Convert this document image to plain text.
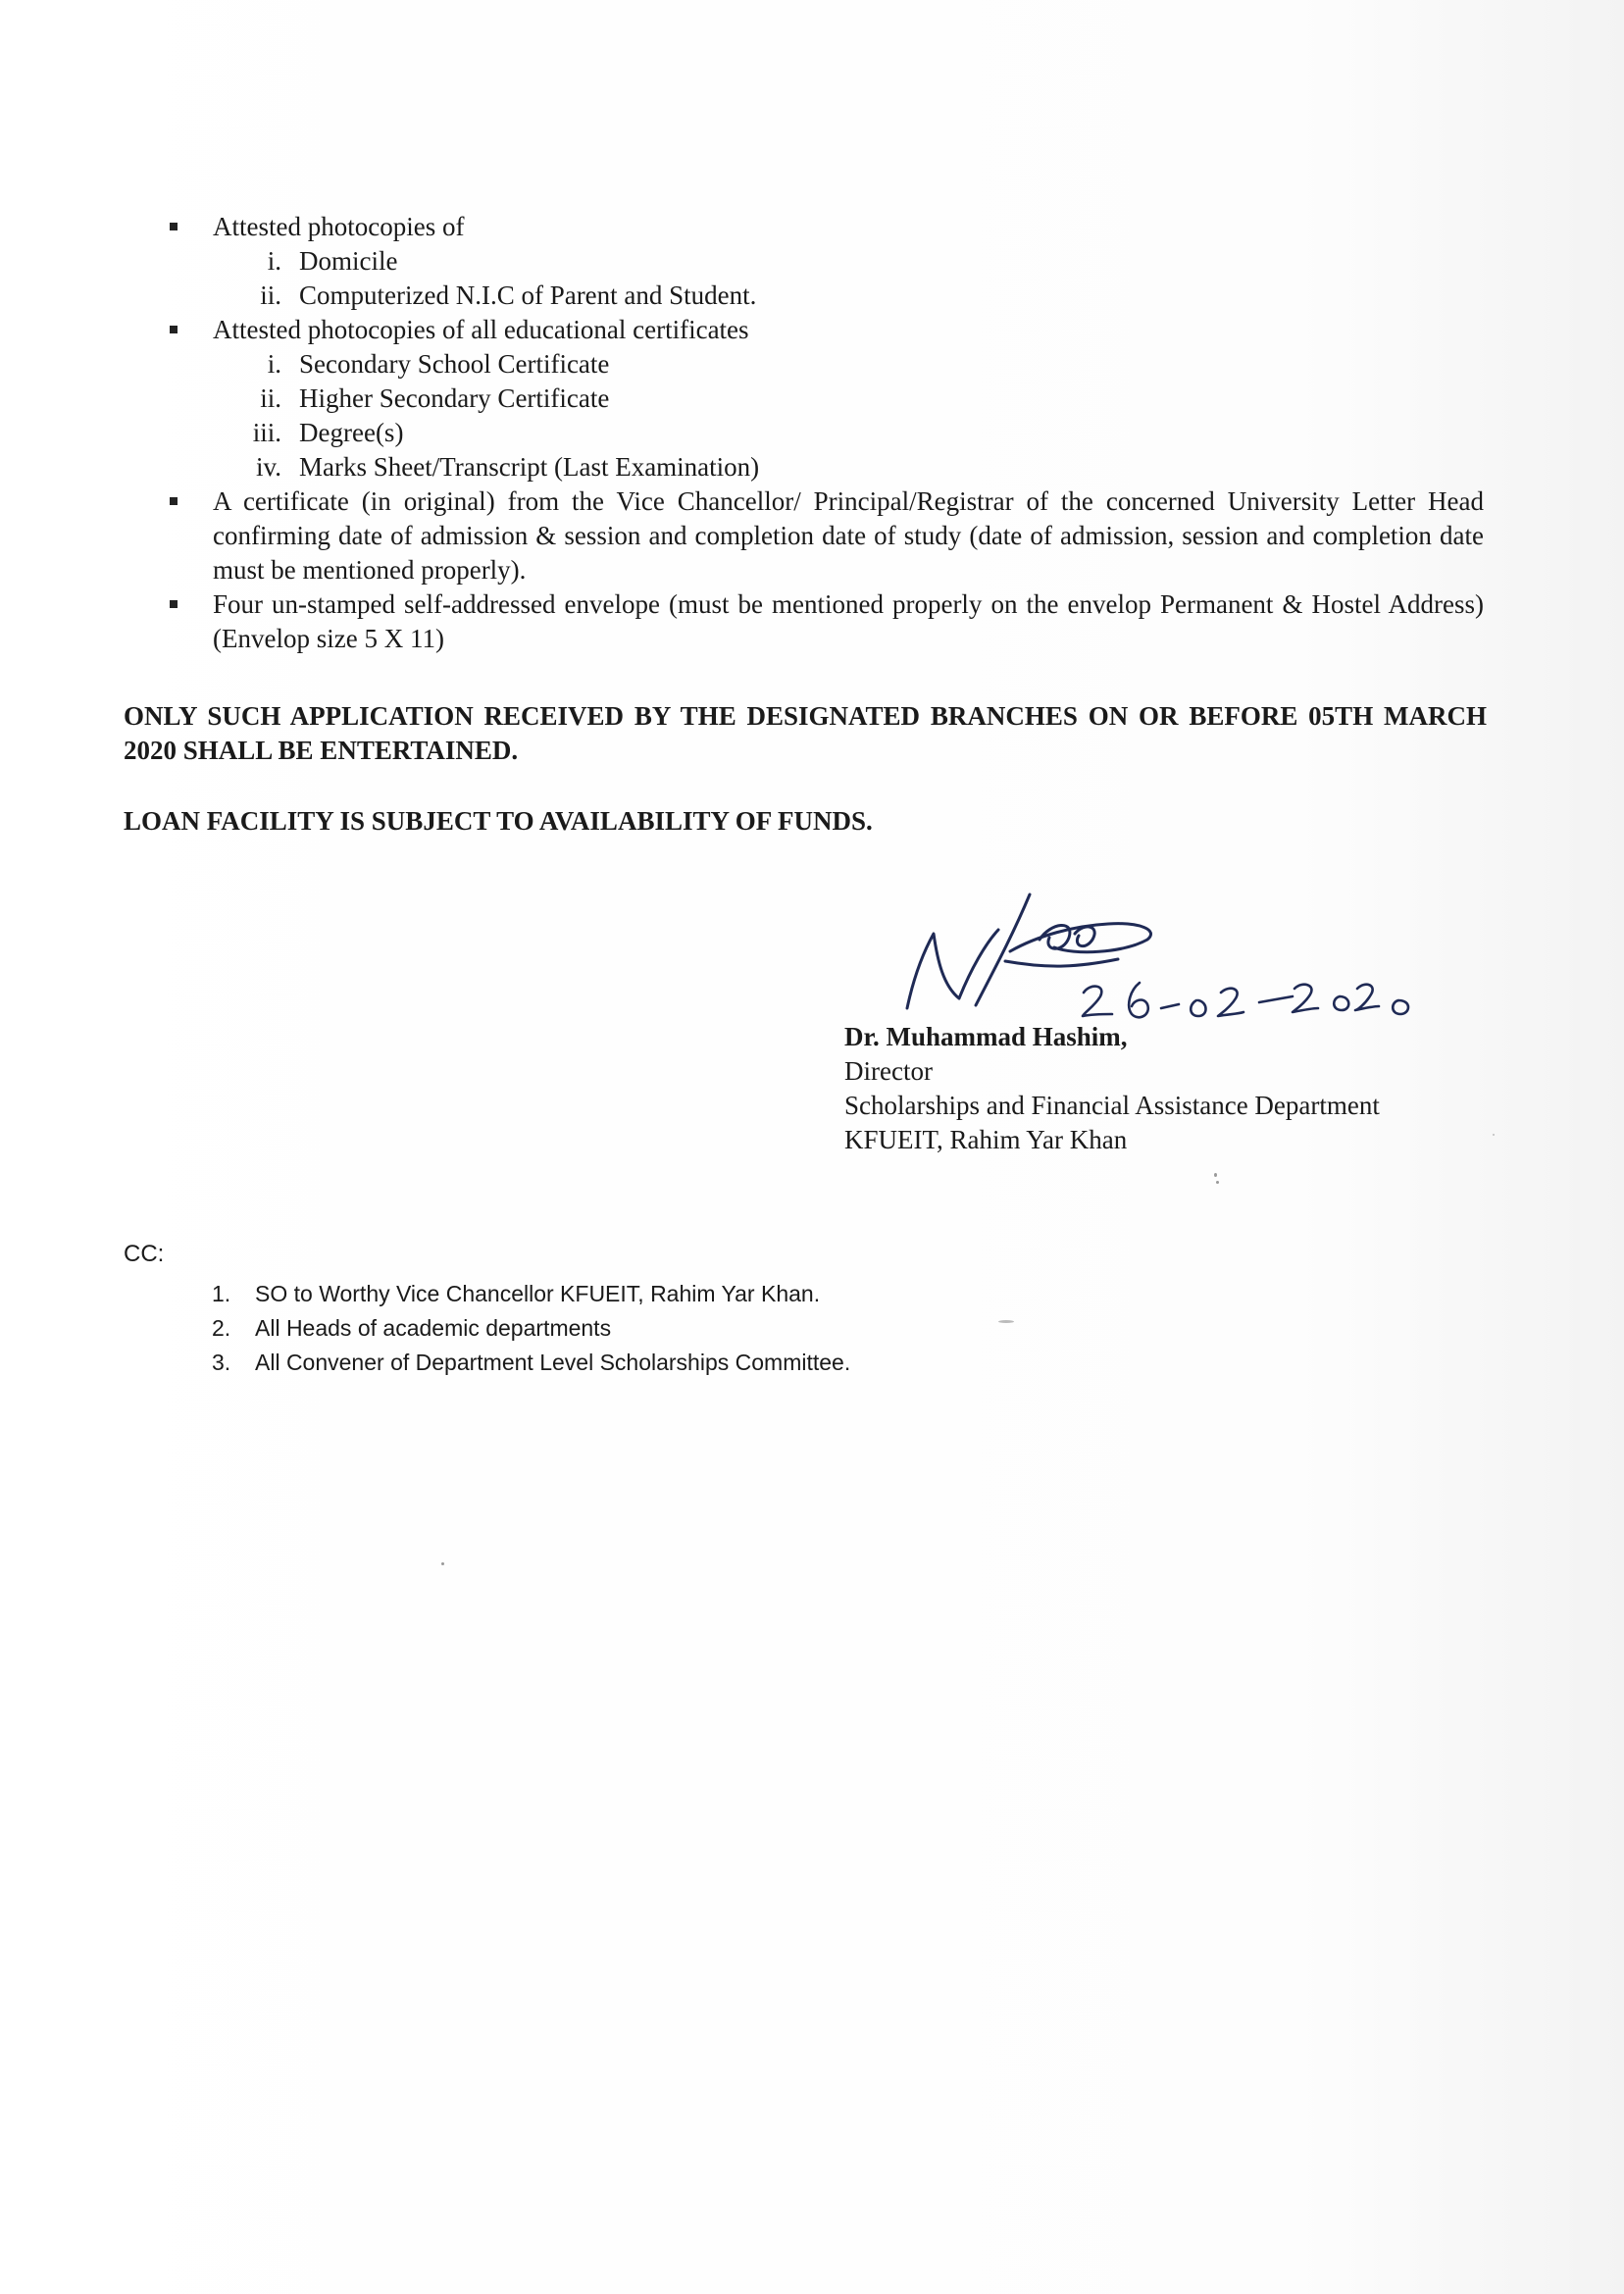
Attested photocopies of
i. Domicile
ii. Computerized N.I.C of Parent and Student.
Attested photocopies of all educational certificates
i. Secondary School Certificate
ii. Higher Secondary Certificate
iii. Degree(s)
iv. Marks Sheet/Transcript (Last Examination)
A certificate (in original) from the Vice Chancellor/ Principal/Registrar of the concerned University Letter Head confirming date of admission & session and completion date of study (date of admission, session and completion date must be mentioned properly).
Four un-stamped self-addressed envelope (must be mentioned properly on the envelop Permanent & Hostel Address) (Envelop size 5 X 11)
ONLY SUCH APPLICATION RECEIVED BY THE DESIGNATED BRANCHES ON OR BEFORE 05TH MARCH 2020 SHALL BE ENTERTAINED.
LOAN FACILITY IS SUBJECT TO AVAILABILITY OF FUNDS.
Dr. Muhammad Hashim,
Director
Scholarships and Financial Assistance Department
KFUEIT, Rahim Yar Khan
CC:
1. SO to Worthy Vice Chancellor KFUEIT, Rahim Yar Khan.
2. All Heads of academic departments
3. All Convener of Department Level Scholarships Committee.
